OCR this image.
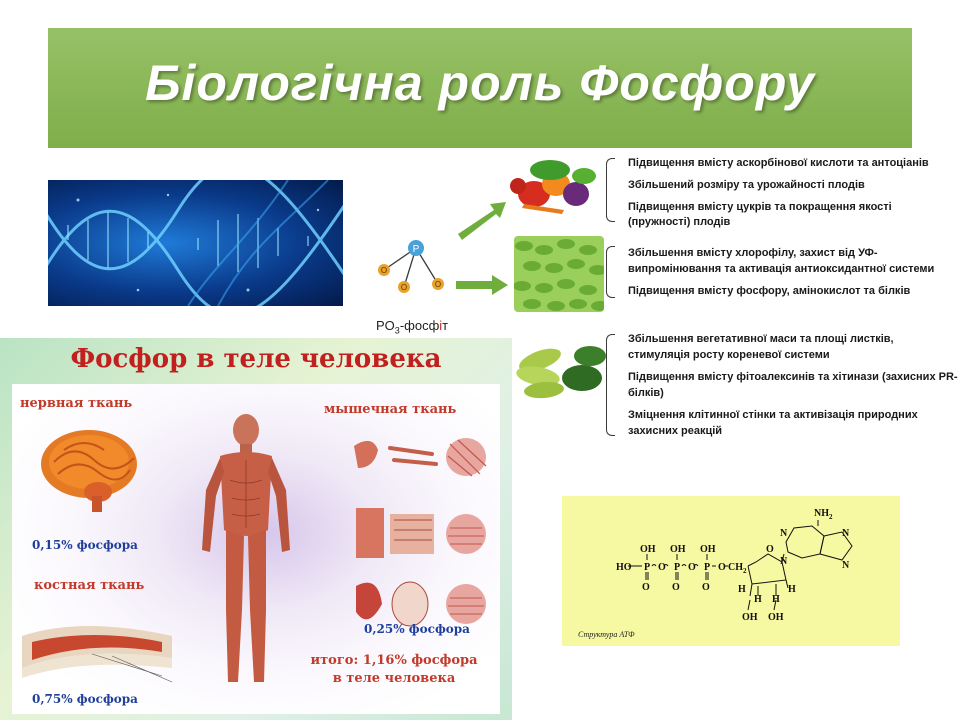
Біологічна роль Фосфору
P
O
O	O
$PO_3$-фосфіт
Підвищення вмісту аскорбінової кислоти та антоціанів
Збільшений розміру та урожайності плодів
Підвищення вмісту цукрів та покращення якості
(пружності) плодів
Збільшення вмісту хлорофілу, захист від УФ-
випромінювання та активація антиоксидантної системи
Підвищення вмісту фосфору, амінокислот та білків
Збільшення вегетативної маси та площі листків,
стимуляція росту кореневої системи
Підвищення вмісту фітоалексинів та хітинази (захисних PR-
білків)
Зміцнення клітинної стінки та активізація природних
захисних реакцій
Фосфор в теле человека
нервная ткань
0,15% фосфора
костная ткань
0,75% фосфора
мышечная ткань
0,25% фосфора
итого: 1,16% фосфора
в теле человека
OH OH OH
HO P O P O P O $CH_2$
O O O
O
H	H
H H
OH OH
$NH_2$
N	N
N
N
Структура АТФ
